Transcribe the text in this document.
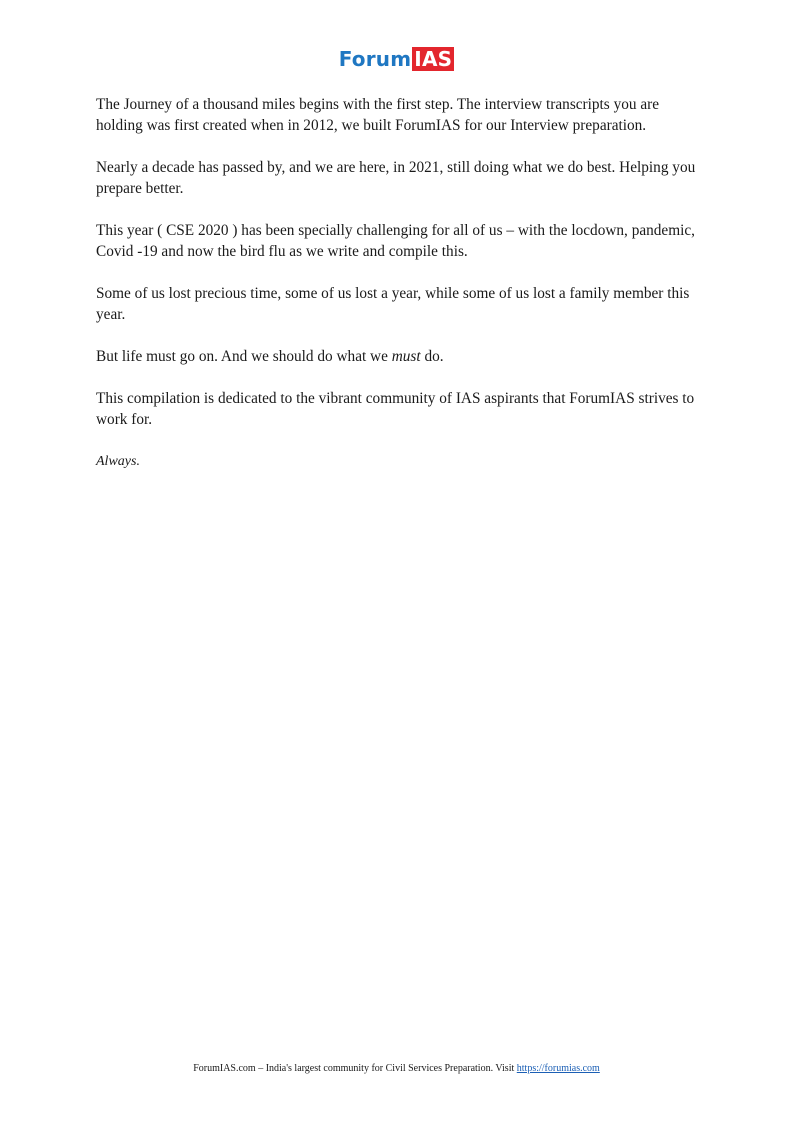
Forum IAS

The Journey of a thousand miles begins with the first step. The interview transcripts you are holding was first created when in 2012, we built ForumIAS for our Interview preparation.

Nearly a decade has passed by, and we are here, in 2021, still doing what we do best. Helping you prepare better.

This year ( CSE 2020 ) has been specially challenging for all of us – with the locdown, pandemic, Covid -19 and now the bird flu as we write and compile this.

Some of us lost precious time, some of us lost a year, while some of us lost a family member this year.

But life must go on. And we should do what we must do.

This compilation is dedicated to the vibrant community of IAS aspirants that ForumIAS strives to work for.

Always.

ForumIAS.com – India's largest community for Civil Services Preparation. Visit https://forumias.com
